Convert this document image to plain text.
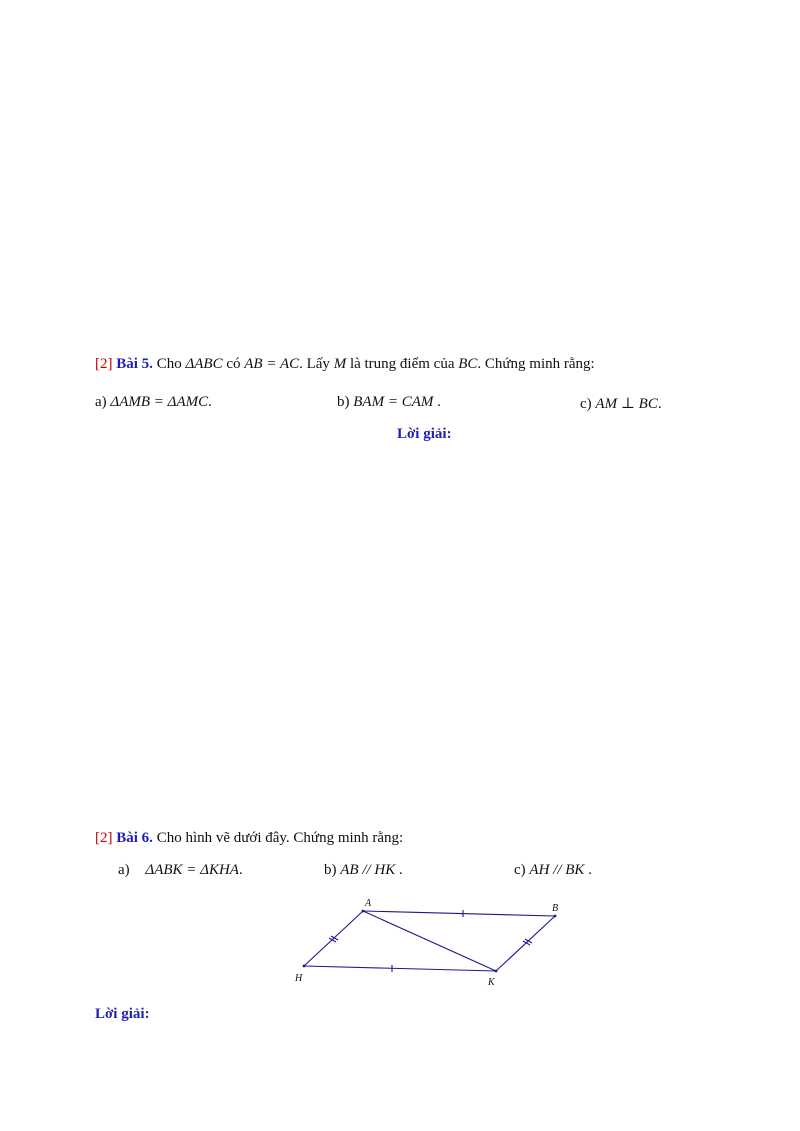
[2] Bài 5. Cho ΔABC có AB = AC. Lấy M là trung điểm của BC. Chứng minh rằng:
a) ΔAMB = ΔAMC.	b) BAM = CAM .	c) AM ⊥ BC.
Lời giải:
[2] Bài 6. Cho hình vẽ dưới đây. Chứng minh rằng:
a) ΔABK = ΔKHA.	b) AB // HK .	c) AH // BK .
A	B
H	K
Lời giải:
